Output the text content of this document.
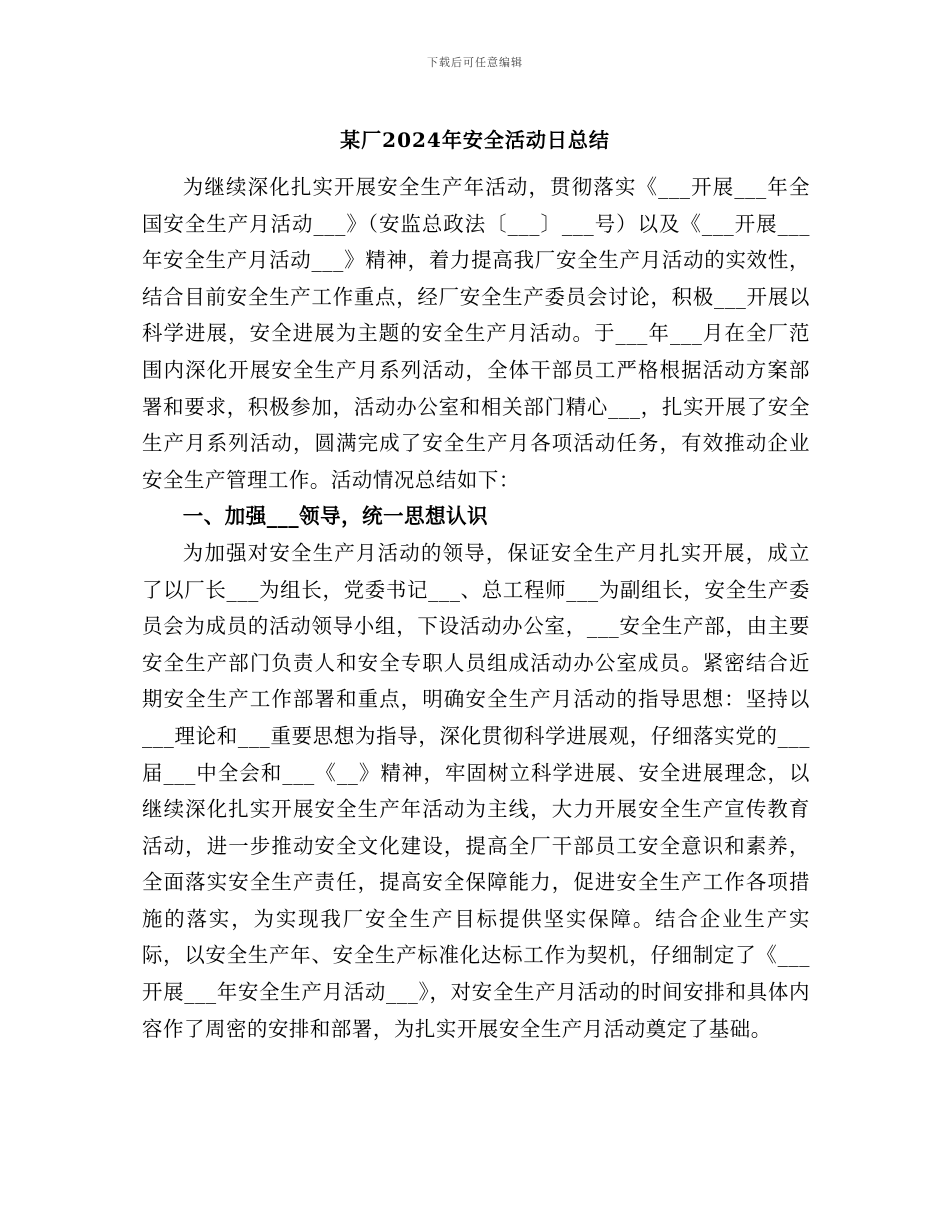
下载后可任意编辑
某厂2024年安全活动日总结

为继续深化扎实开展安全生产年活动，贯彻落实《___开展___年全国安全生产月活动___》（安监总政法〔___〕___号）以及《___开展___年安全生产月活动___》精神，着力提高我厂安全生产月活动的实效性，结合目前安全生产工作重点，经厂安全生产委员会讨论，积极___开展以科学进展，安全进展为主题的安全生产月活动。于___年___月在全厂范围内深化开展安全生产月系列活动，全体干部员工严格根据活动方案部署和要求，积极参加，活动办公室和相关部门精心___，扎实开展了安全生产月系列活动，圆满完成了安全生产月各项活动任务，有效推动企业安全生产管理工作。活动情况总结如下：

一、加强___领导，统一思想认识

为加强对安全生产月活动的领导，保证安全生产月扎实开展，成立了以厂长___为组长，党委书记___、总工程师___为副组长，安全生产委员会为成员的活动领导小组，下设活动办公室，___安全生产部，由主要安全生产部门负责人和安全专职人员组成活动办公室成员。紧密结合近期安全生产工作部署和重点，明确安全生产月活动的指导思想：坚持以___理论和___重要思想为指导，深化贯彻科学进展观，仔细落实党的___届___中全会和___《__》精神，牢固树立科学进展、安全进展理念，以继续深化扎实开展安全生产年活动为主线，大力开展安全生产宣传教育活动，进一步推动安全文化建设，提高全厂干部员工安全意识和素养，全面落实安全生产责任，提高安全保障能力，促进安全生产工作各项措施的落实，为实现我厂安全生产目标提供坚实保障。结合企业生产实际，以安全生产年、安全生产标准化达标工作为契机，仔细制定了《___开展___年安全生产月活动___》，对安全生产月活动的时间安排和具体内容作了周密的安排和部署，为扎实开展安全生产月活动奠定了基础。
